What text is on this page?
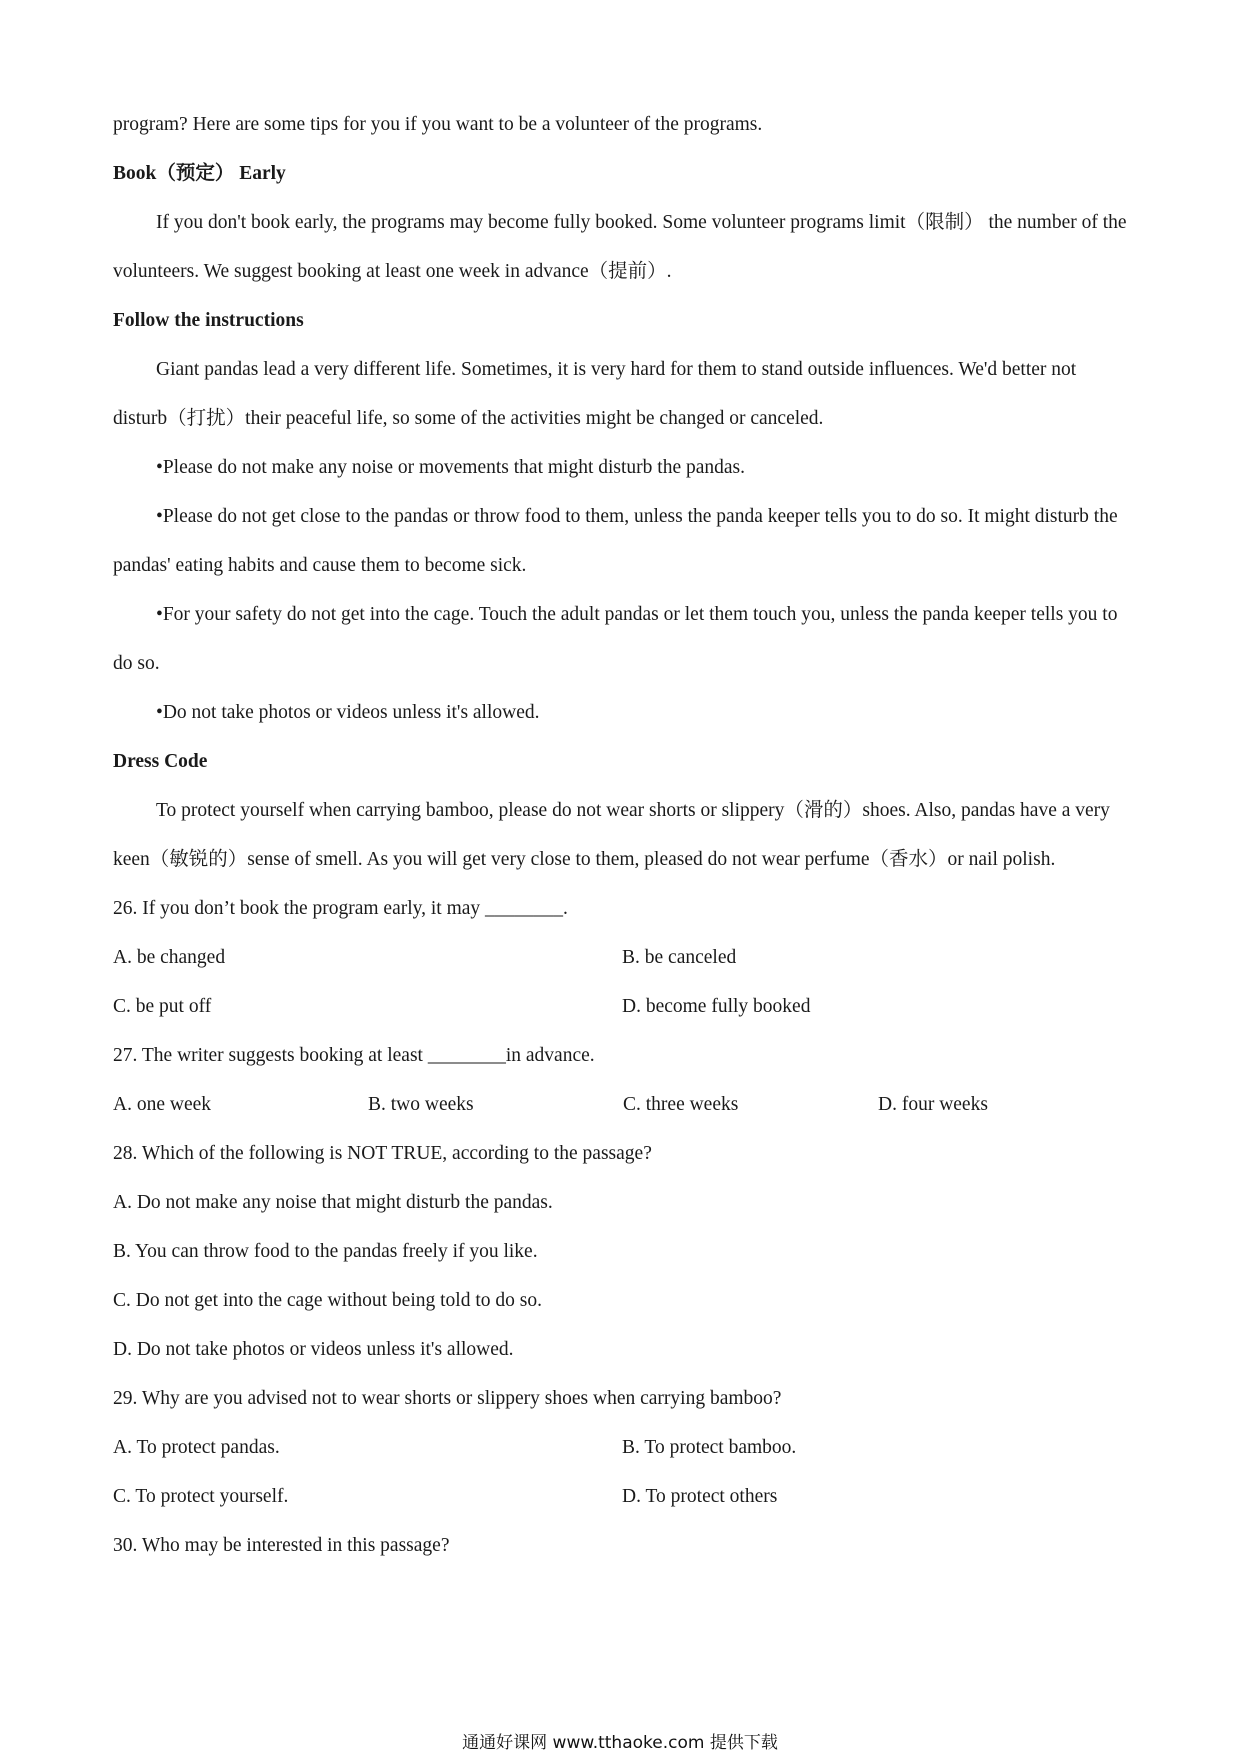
program? Here are some tips for you if you want to be a volunteer of the programs.

Book（预定） Early

If you don't book early, the programs may become fully booked. Some volunteer programs limit（限制） the number of the volunteers. We suggest booking at least one week in advance（提前）.

Follow the instructions

Giant pandas lead a very different life. Sometimes, it is very hard for them to stand outside influences. We'd better not disturb（打扰）their peaceful life, so some of the activities might be changed or canceled.

•Please do not make any noise or movements that might disturb the pandas.

•Please do not get close to the pandas or throw food to them, unless the panda keeper tells you to do so. It might disturb the pandas' eating habits and cause them to become sick.

•For your safety do not get into the cage. Touch the adult pandas or let them touch you, unless the panda keeper tells you to do so.

•Do not take photos or videos unless it's allowed.

Dress Code

To protect yourself when carrying bamboo, please do not wear shorts or slippery（滑的）shoes. Also, pandas have a very keen（敏锐的）sense of smell. As you will get very close to them, pleased do not wear perfume（香水）or nail polish.

26. If you don’t book the program early, it may ________.

A. be changed	B. be canceled
C. be put off	D. become fully booked

27. The writer suggests booking at least ________in advance.

A. one week	B. two weeks	C. three weeks	D. four weeks

28. Which of the following is NOT TRUE, according to the passage?

A. Do not make any noise that might disturb the pandas.

B. You can throw food to the pandas freely if you like.

C. Do not get into the cage without being told to do so.

D. Do not take photos or videos unless it's allowed.

29. Why are you advised not to wear shorts or slippery shoes when carrying bamboo?

A. To protect pandas.	B. To protect bamboo.
C. To protect yourself.	D. To protect others

30. Who may be interested in this passage?

通通好课网 www.tthaoke.com 提供下载
